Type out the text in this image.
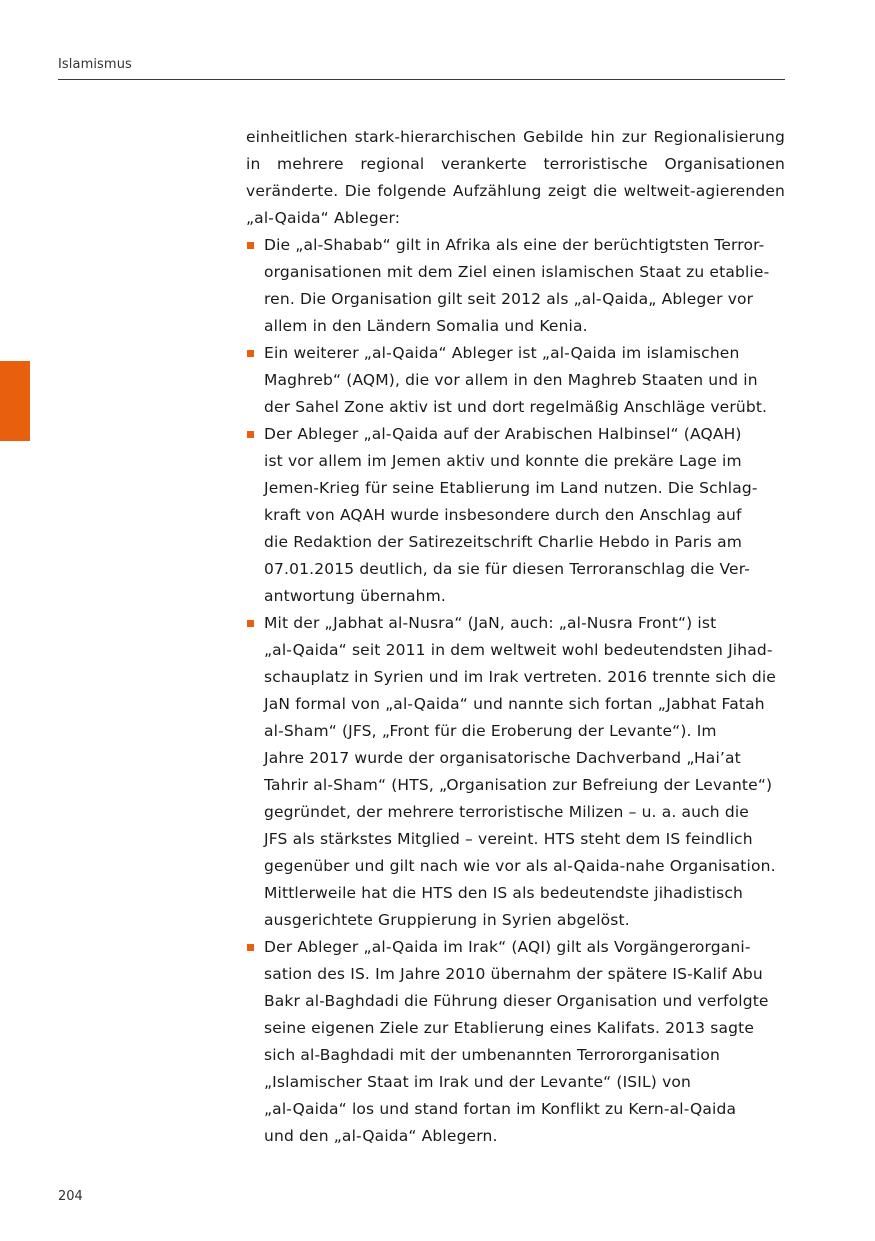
Islamismus

einheitlichen stark-hierarchischen Gebilde hin zur Regionalisierung in mehrere regional verankerte terroristische Organisationen veränderte. Die folgende Aufzählung zeigt die weltweit-agierenden „al-Qaida“ Ableger:

Die „al-Shabab“ gilt in Afrika als eine der berüchtigtsten Terror-
organisationen mit dem Ziel einen islamischen Staat zu etablie-
ren. Die Organisation gilt seit 2012 als „al-Qaida„ Ableger vor
allem in den Ländern Somalia und Kenia.
Ein weiterer „al-Qaida“ Ableger ist „al-Qaida im islamischen
Maghreb“ (AQM), die vor allem in den Maghreb Staaten und in
der Sahel Zone aktiv ist und dort regelmäßig Anschläge verübt.
Der Ableger „al-Qaida auf der Arabischen Halbinsel“ (AQAH)
ist vor allem im Jemen aktiv und konnte die prekäre Lage im
Jemen-Krieg für seine Etablierung im Land nutzen. Die Schlag-
kraft von AQAH wurde insbesondere durch den Anschlag auf
die Redaktion der Satirezeitschrift Charlie Hebdo in Paris am
07.01.2015 deutlich, da sie für diesen Terroranschlag die Ver-
antwortung übernahm.
Mit der „Jabhat al-Nusra“ (JaN, auch: „al-Nusra Front“) ist
„al-Qaida“ seit 2011 in dem weltweit wohl bedeutendsten Jihad-
schauplatz in Syrien und im Irak vertreten. 2016 trennte sich die
JaN formal von „al-Qaida“ und nannte sich fortan „Jabhat Fatah
al-Sham“ (JFS, „Front für die Eroberung der Levante“). Im
Jahre 2017 wurde der organisatorische Dachverband „Hai’at
Tahrir al-Sham“ (HTS, „Organisation zur Befreiung der Levante“)
gegründet, der mehrere terroristische Milizen – u. a. auch die
JFS als stärkstes Mitglied – vereint. HTS steht dem IS feindlich
gegenüber und gilt nach wie vor als al-Qaida-nahe Organisation.
Mittlerweile hat die HTS den IS als bedeutendste jihadistisch
ausgerichtete Gruppierung in Syrien abgelöst.
Der Ableger „al-Qaida im Irak“ (AQI) gilt als Vorgängerorgani-
sation des IS. Im Jahre 2010 übernahm der spätere IS-Kalif Abu
Bakr al-Baghdadi die Führung dieser Organisation und verfolgte
seine eigenen Ziele zur Etablierung eines Kalifats. 2013 sagte
sich al-Baghdadi mit der umbenannten Terrororganisation
„Islamischer Staat im Irak und der Levante“ (ISIL) von
„al-Qaida“ los und stand fortan im Konflikt zu Kern-al-Qaida
und den „al-Qaida“ Ablegern.
204
